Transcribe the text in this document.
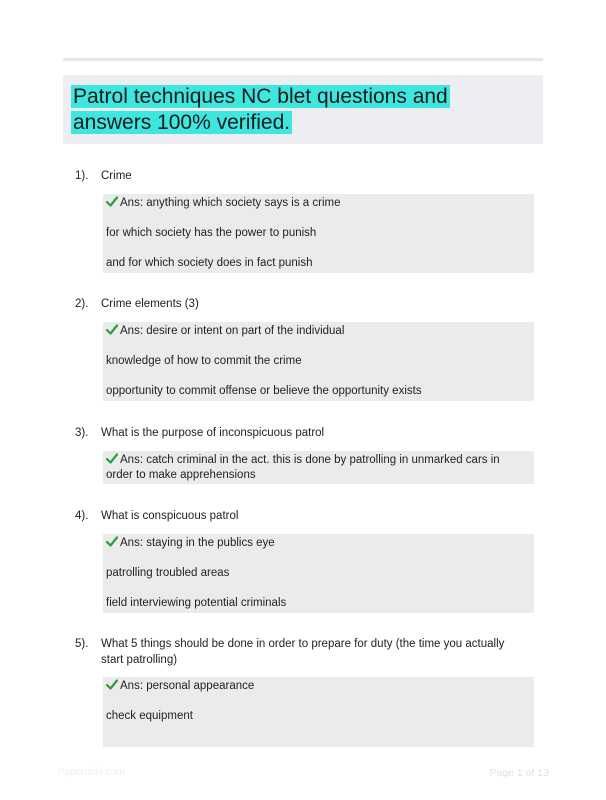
Patrol techniques NC blet questions and answers 100% verified.
1). Crime
Ans: anything which society says is a crime
for which society has the power to punish
and for which society does in fact punish
2). Crime elements (3)
Ans: desire or intent on part of the individual
knowledge of how to commit the crime
opportunity to commit offense or believe the opportunity exists
3). What is the purpose of inconspicuous patrol
Ans: catch criminal in the act. this is done by patrolling in unmarked cars in order to make apprehensions
4). What is conspicuous patrol
Ans: staying in the publics eye
patrolling troubled areas
field interviewing potential criminals
5). What 5 things should be done in order to prepare for duty (the time you actually start patrolling)
Ans: personal appearance
check equipment
Papertible.com	Page 1 of 13
